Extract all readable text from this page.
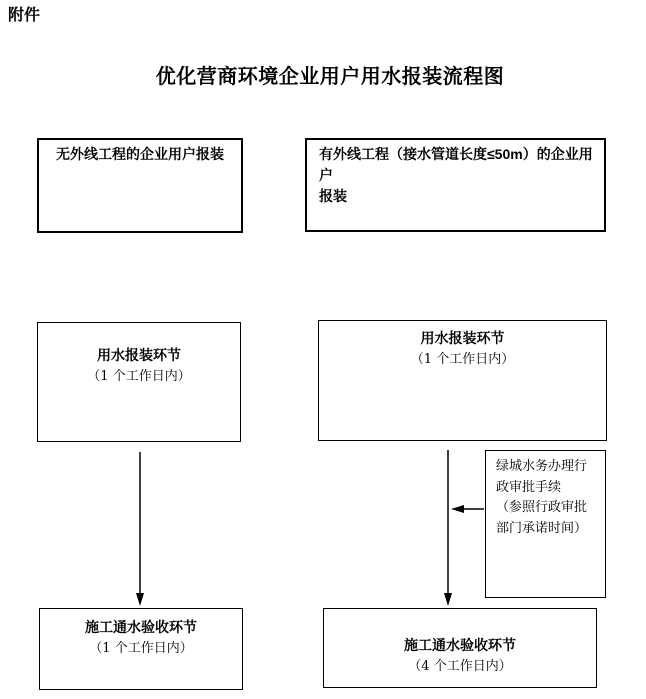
附件
优化营商环境企业用户用水报装流程图
无外线工程的企业用户报装
用水报装环节
（1 个工作日内）
施工通水验收环节
（1 个工作日内）
有外线工程（接水管道长度≤50m）的企业用户
报装
用水报装环节
（1 个工作日内）
绿城水务办理行
政审批手续
（参照行政审批
部门承诺时间）
施工通水验收环节
（4 个工作日内）
